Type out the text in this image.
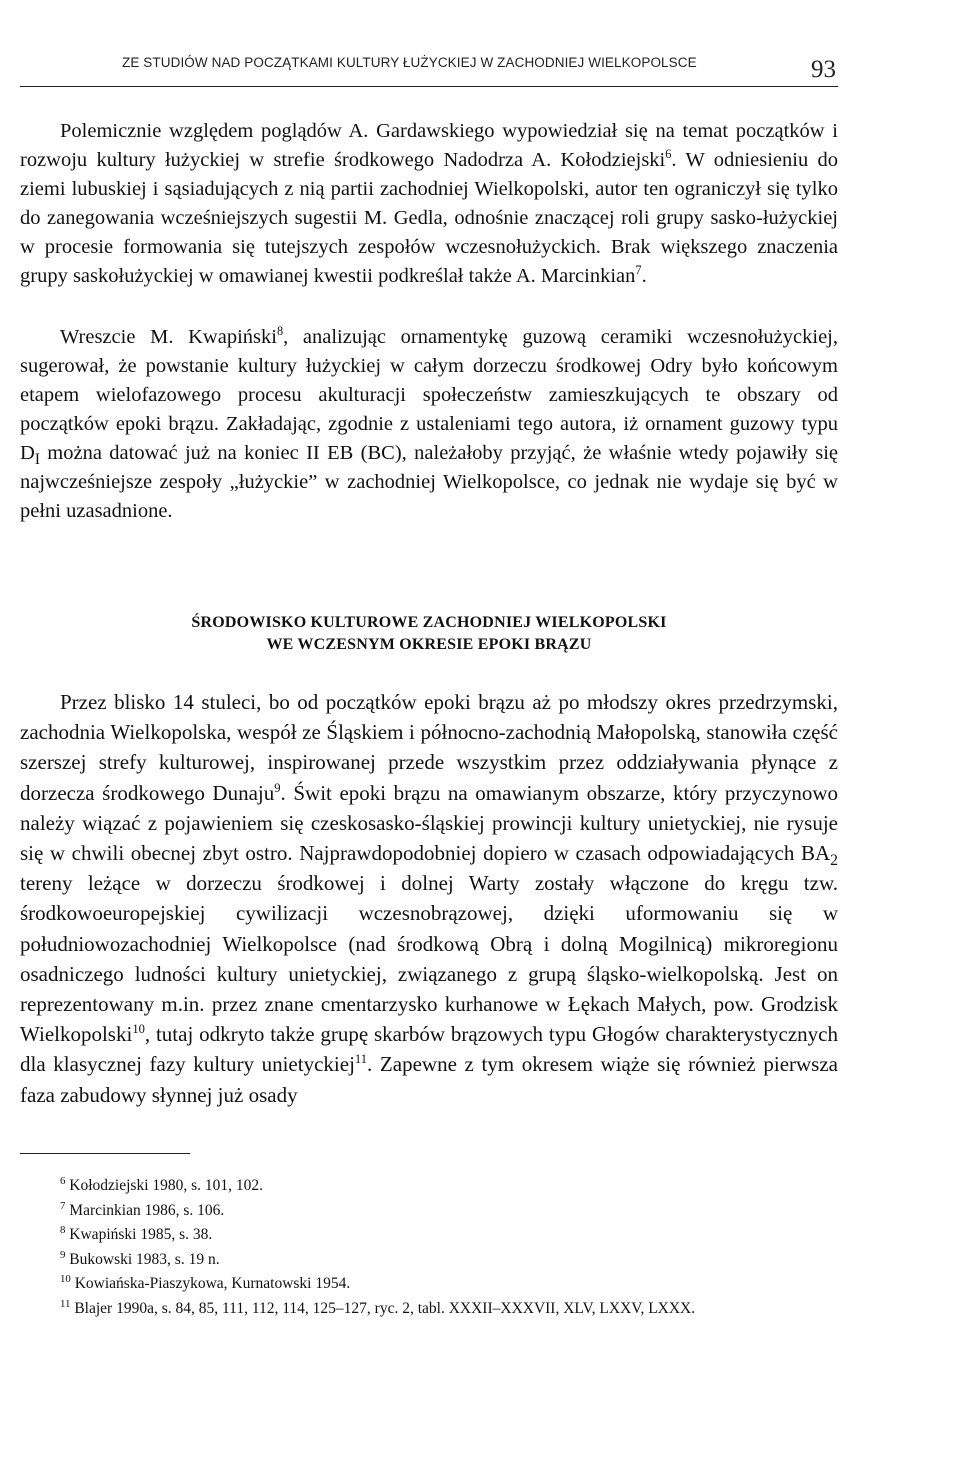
ZE STUDIÓW NAD POCZĄTKAMI KULTURY ŁUŻYCKIEJ W ZACHODNIEJ WIELKOPOLSCE	93

Polemicznie względem poglądów A. Gardawskiego wypowiedział się na temat początków i rozwoju kultury łużyckiej w strefie środkowego Nadodrza A. Kołodziejski$^6$. W odniesieniu do ziemi lubuskiej i sąsiadujących z nią partii zachodniej Wielkopolski, autor ten ograniczył się tylko do zanegowania wcześniejszych sugestii M. Gedla, odnośnie znaczącej roli grupy sasko-łużyckiej w procesie formowania się tutejszych zespołów wczesnołużyckich. Brak większego znaczenia grupy saskołużyckiej w omawianej kwestii podkreślał także A. Marcinkian$^7$.

Wreszcie M. Kwapiński$^8$, analizując ornamentykę guzową ceramiki wczesnołużyckiej, sugerował, że powstanie kultury łużyckiej w całym dorzeczu środkowej Odry było końcowym etapem wielofazowego procesu akulturacji społeczeństw zamieszkujących te obszary od początków epoki brązu. Zakładając, zgodnie z ustaleniami tego autora, iż ornament guzowy typu $D_I$ można datować już na koniec II EB (BC), należałoby przyjąć, że właśnie wtedy pojawiły się najwcześniejsze zespoły „łużyckie” w zachodniej Wielkopolsce, co jednak nie wydaje się być w pełni uzasadnione.

ŚRODOWISKO KULTUROWE ZACHODNIEJ WIELKOPOLSKI
WE WCZESNYM OKRESIE EPOKI BRĄZU

Przez blisko 14 stuleci, bo od początków epoki brązu aż po młodszy okres przedrzymski, zachodnia Wielkopolska, wespół ze Śląskiem i północno-zachodnią Małopolską, stanowiła część szerszej strefy kulturowej, inspirowanej przede wszystkim przez oddziaływania płynące z dorzecza środkowego Dunaju$^9$. Świt epoki brązu na omawianym obszarze, który przyczynowo należy wiązać z pojawieniem się czeskosasko-śląskiej prowincji kultury unietyckiej, nie rysuje się w chwili obecnej zbyt ostro. Najprawdopodobniej dopiero w czasach odpowiadających $BA_2$ tereny leżące w dorzeczu środkowej i dolnej Warty zostały włączone do kręgu tzw. środkowoeuropejskiej cywilizacji wczesnobrązowej, dzięki uformowaniu się w południowozachodniej Wielkopolsce (nad środkową Obrą i dolną Mogilnicą) mikroregionu osadniczego ludności kultury unietyckiej, związanego z grupą śląsko-wielkopolską. Jest on reprezentowany m.in. przez znane cmentarzysko kurhanowe w Łękach Małych, pow. Grodzisk Wielkopolski$^{10}$, tutaj odkryto także grupę skarbów brązowych typu Głogów charakterystycznych dla klasycznej fazy kultury unietyckiej$^{11}$. Zapewne z tym okresem wiąże się również pierwsza faza zabudowy słynnej już osady

$^6$ Kołodziejski 1980, s. 101, 102.
$^7$ Marcinkian 1986, s. 106.
$^8$ Kwapiński 1985, s. 38.
$^9$ Bukowski 1983, s. 19 n.
$^{10}$ Kowiańska-Piaszykowa, Kurnatowski 1954.
$^{11}$ Blajer 1990a, s. 84, 85, 111, 112, 114, 125–127, ryc. 2, tabl. XXXII–XXXVII, XLV, LXXV, LXXX.
